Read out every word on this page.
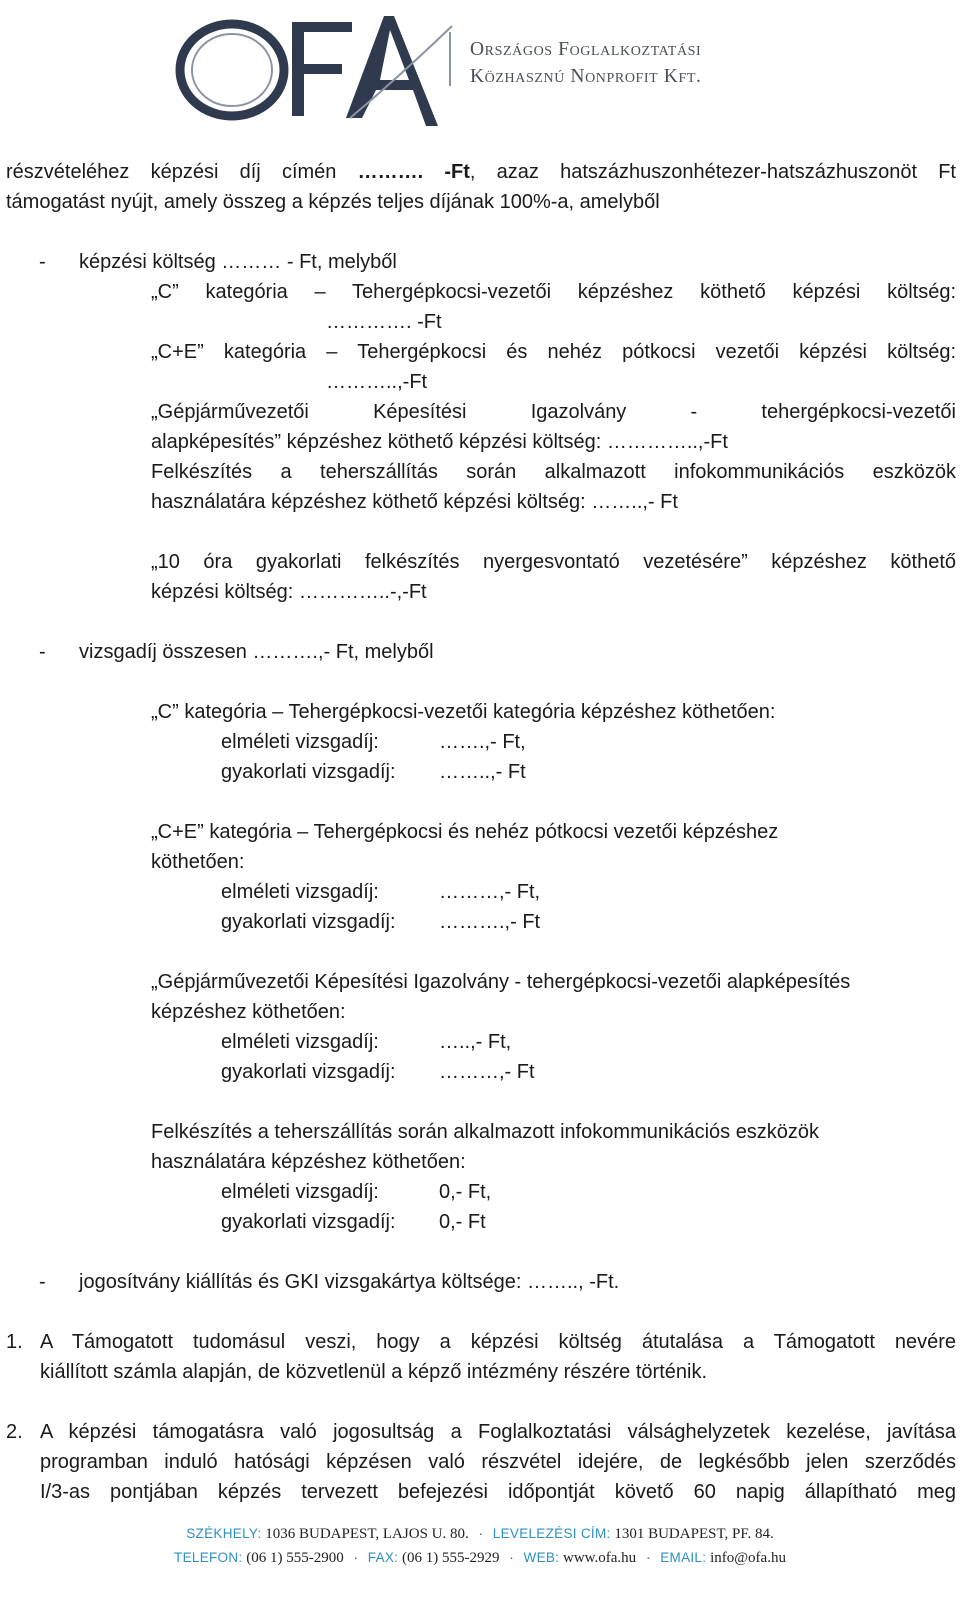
OFA
Országos Foglalkoztatási
Közhasznú Nonprofit Kft.

részvételéhez képzési díj címén ………. -Ft, azaz hatszázhuszonhétezer-hatszázhuszonöt Ft

támogatást nyújt, amely összeg a képzés teljes díjának 100%-a, amelyből

- képzési költség ……… - Ft, melyből

„C” kategória – Tehergépkocsi-vezetői képzéshez köthető képzési költség:

…………. -Ft

„C+E” kategória – Tehergépkocsi és nehéz pótkocsi vezetői képzési költség:

………..,-Ft

„Gépjárművezetői Képesítési Igazolvány - tehergépkocsi-vezetői

alapképesítés” képzéshez köthető képzési költség: …………..,-Ft

Felkészítés a teherszállítás során alkalmazott infokommunikációs eszközök

használatára képzéshez köthető képzési költség: ……..,- Ft

„10 óra gyakorlati felkészítés nyergesvontató vezetésére” képzéshez köthető

képzési költség: …………..-,-Ft

- vizsgadíj összesen ……….,- Ft, melyből

„C” kategória – Tehergépkocsi-vezetői kategória képzéshez köthetően:

elméleti vizsgadíj:	…….,- Ft,

gyakorlati vizsgadíj: ……..,- Ft

„C+E” kategória – Tehergépkocsi és nehéz pótkocsi vezetői képzéshez

köthetően:

elméleti vizsgadíj:	………,- Ft,

gyakorlati vizsgadíj: ……….,- Ft

„Gépjárművezetői Képesítési Igazolvány - tehergépkocsi-vezetői alapképesítés

képzéshez köthetően:

elméleti vizsgadíj:	…..,- Ft,

gyakorlati vizsgadíj: ………,- Ft

Felkészítés a teherszállítás során alkalmazott infokommunikációs eszközök

használatára képzéshez köthetően:

elméleti vizsgadíj:	0,- Ft,

gyakorlati vizsgadíj: 0,- Ft

- jogosítvány kiállítás és GKI vizsgakártya költsége: …….., -Ft.

1. A Támogatott tudomásul veszi, hogy a képzési költség átutalása a Támogatott nevére

kiállított számla alapján, de közvetlenül a képző intézmény részére történik.

2. A képzési támogatásra való jogosultság a Foglalkoztatási válsághelyzetek kezelése, javítása

programban induló hatósági képzésen való részvétel idejére, de legkésőbb jelen szerződés

I/3-as pontjában képzés tervezett befejezési időpontját követő 60 napig állapítható meg

SZÉKHELY: 1036 BUDAPEST, LAJOS U. 80. · LEVELEZÉSI CÍM: 1301 BUDAPEST, PF. 84.
TELEFON: (06 1) 555-2900 · FAX: (06 1) 555-2929 · WEB: www.ofa.hu · EMAIL: info@ofa.hu
